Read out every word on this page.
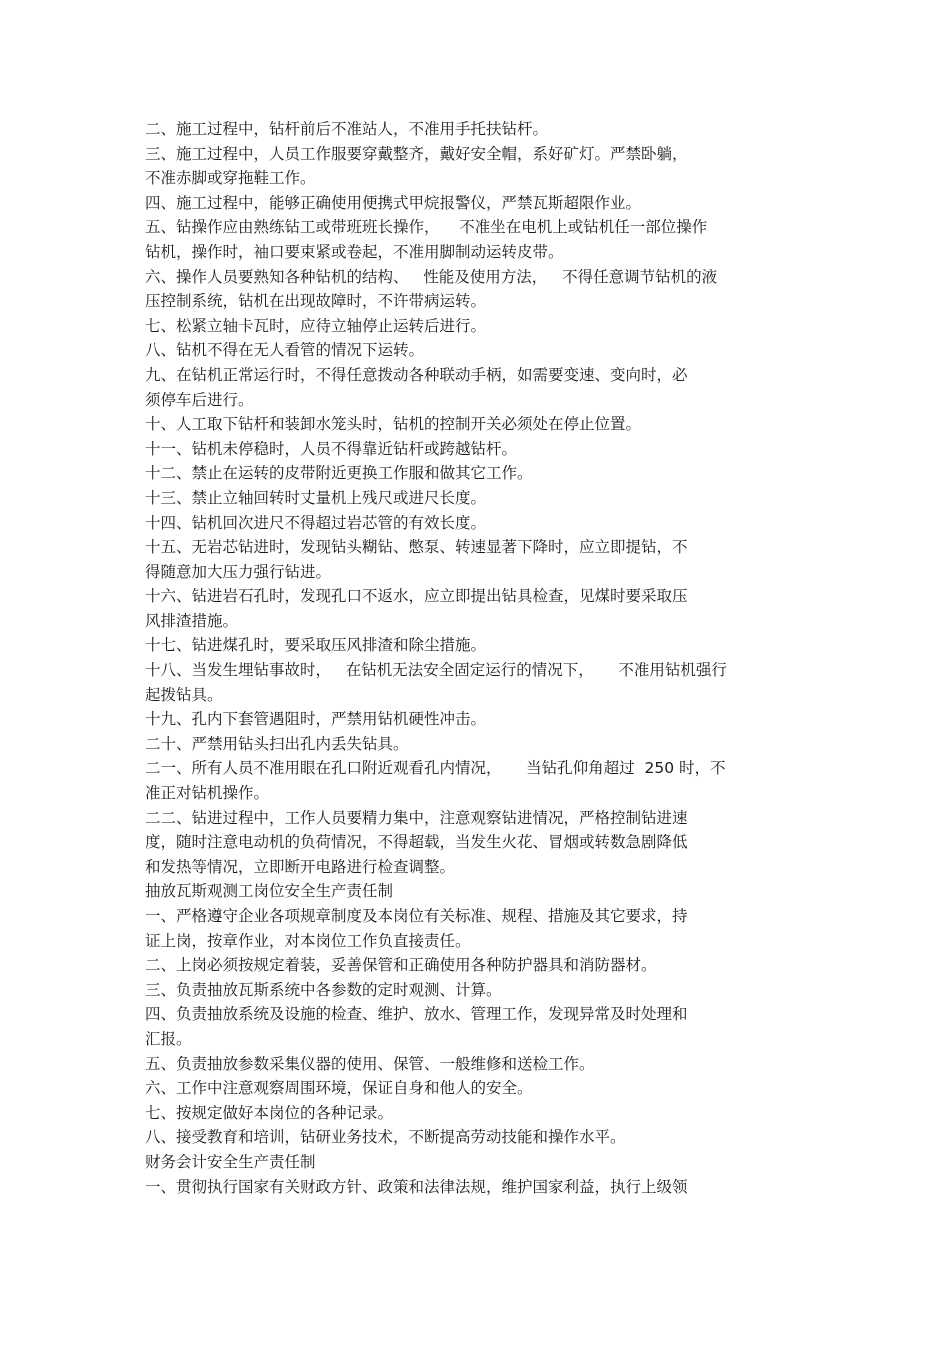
二、施工过程中，钻杆前后不准站人，不准用手托扶钻杆。
三、施工过程中，人员工作服要穿戴整齐，戴好安全帽，系好矿灯。严禁卧躺，
不准赤脚或穿拖鞋工作。
四、施工过程中，能够正确使用便携式甲烷报警仪，严禁瓦斯超限作业。
五、钻操作应由熟练钻工或带班班长操作，    不准坐在电机上或钻机任一部位操作
钻机，操作时，袖口要束紧或卷起，不准用脚制动运转皮带。
六、操作人员要熟知各种钻机的结构、   性能及使用方法，   不得任意调节钻机的液
压控制系统，钻机在出现故障时，不许带病运转。
七、松紧立轴卡瓦时，应待立轴停止运转后进行。
八、钻机不得在无人看管的情况下运转。
九、在钻机正常运行时，不得任意拨动各种联动手柄，如需要变速、变向时，必
须停车后进行。
十、人工取下钻杆和装卸水笼头时，钻机的控制开关必须处在停止位置。
十一、钻机未停稳时，人员不得靠近钻杆或跨越钻杆。
十二、禁止在运转的皮带附近更换工作服和做其它工作。
十三、禁止立轴回转时丈量机上残尺或进尺长度。
十四、钻机回次进尺不得超过岩芯管的有效长度。
十五、无岩芯钻进时，发现钻头糊钻、憋泵、转速显著下降时，应立即提钻，不
得随意加大压力强行钻进。
十六、钻进岩石孔时，发现孔口不返水，应立即提出钻具检查，见煤时要采取压
风排渣措施。
十七、钻进煤孔时，要采取压风排渣和除尘措施。
十八、当发生埋钻事故时，   在钻机无法安全固定运行的情况下，     不准用钻机强行
起拨钻具。
十九、孔内下套管遇阻时，严禁用钻机硬性冲击。
二十、严禁用钻头扫出孔内丢失钻具。
二一、所有人员不准用眼在孔口附近观看孔内情况，     当钻孔仰角超过  250 时，不
准正对钻机操作。
二二、钻进过程中，工作人员要精力集中，注意观察钻进情况，严格控制钻进速
度，随时注意电动机的负荷情况，不得超载，当发生火花、冒烟或转数急剧降低
和发热等情况，立即断开电路进行检查调整。
抽放瓦斯观测工岗位安全生产责任制
一、严格遵守企业各项规章制度及本岗位有关标准、规程、措施及其它要求，持
证上岗，按章作业，对本岗位工作负直接责任。
二、上岗必须按规定着装，妥善保管和正确使用各种防护器具和消防器材。
三、负责抽放瓦斯系统中各参数的定时观测、计算。
四、负责抽放系统及设施的检查、维护、放水、管理工作，发现异常及时处理和
汇报。
五、负责抽放参数采集仪器的使用、保管、一般维修和送检工作。
六、工作中注意观察周围环境，保证自身和他人的安全。
七、按规定做好本岗位的各种记录。
八、接受教育和培训，钻研业务技术，不断提高劳动技能和操作水平。
财务会计安全生产责任制
一、贯彻执行国家有关财政方针、政策和法律法规，维护国家利益，执行上级领
